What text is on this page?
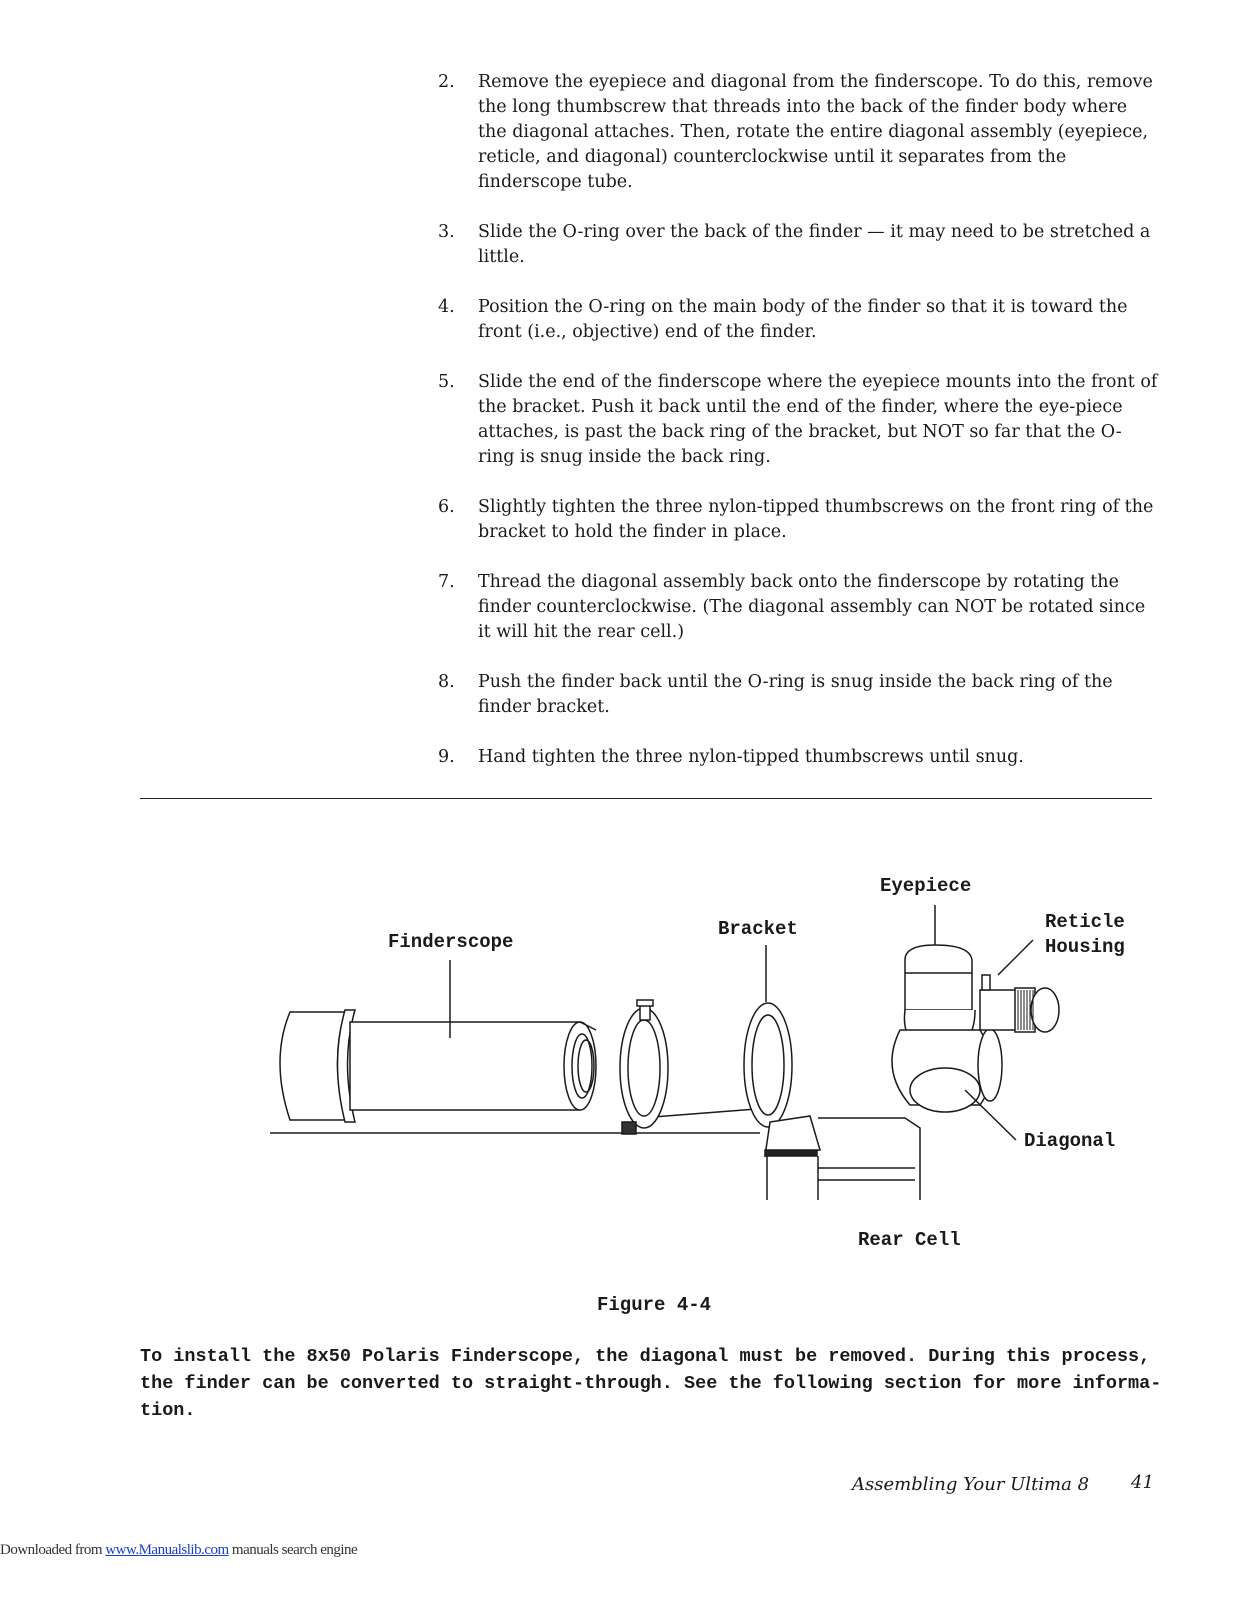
2.	Remove the eyepiece and diagonal from the finderscope. To do this, remove the long thumbscrew that threads into the back of the finder body where the diagonal attaches. Then, rotate the entire diagonal assembly (eyepiece, reticle, and diagonal) counterclockwise until it separates from the finderscope tube.
3.	Slide the O-ring over the back of the finder — it may need to be stretched a little.
4.	Position the O-ring on the main body of the finder so that it is toward the front (i.e., objective) end of the finder.
5.	Slide the end of the finderscope where the eyepiece mounts into the front of the bracket. Push it back until the end of the finder, where the eye-piece attaches, is past the back ring of the bracket, but NOT so far that the O-ring is snug inside the back ring.
6.	Slightly tighten the three nylon-tipped thumbscrews on the front ring of the bracket to hold the finder in place.
7.	Thread the diagonal assembly back onto the finderscope by rotating the finder counterclockwise. (The diagonal assembly can NOT be rotated since it will hit the rear cell.)
8.	Push the finder back until the O-ring is snug inside the back ring of the finder bracket.
9.	Hand tighten the three nylon-tipped thumbscrews until snug.
Finderscope
Bracket
Eyepiece
Reticle
Housing
Diagonal
Rear Cell
Figure 4-4
To install the 8x50 Polaris Finderscope, the diagonal must be removed. During this process, the finder can be converted to straight-through. See the following section for more informa-tion.
Assembling Your Ultima 8 41
Downloaded from www.Manualslib.com manuals search engine
